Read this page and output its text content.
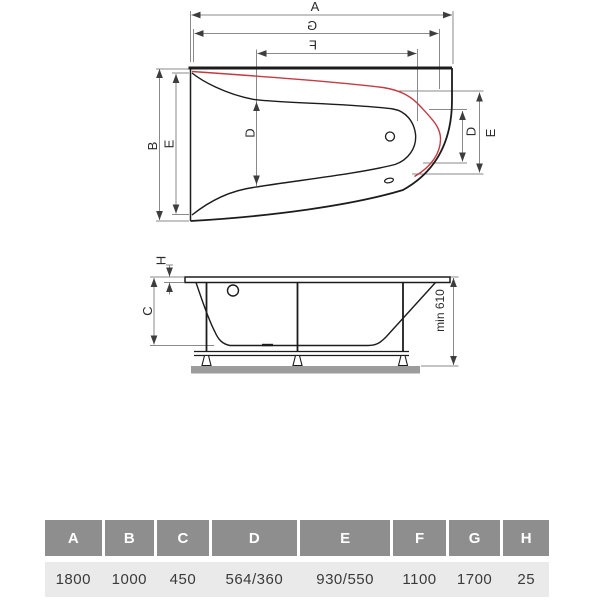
A
G
F
B E
D	D E
H
C	min 610
A	B	C	D	E	F	G	H
1800	1000	450	564/360	930/550	1100	1700	25
